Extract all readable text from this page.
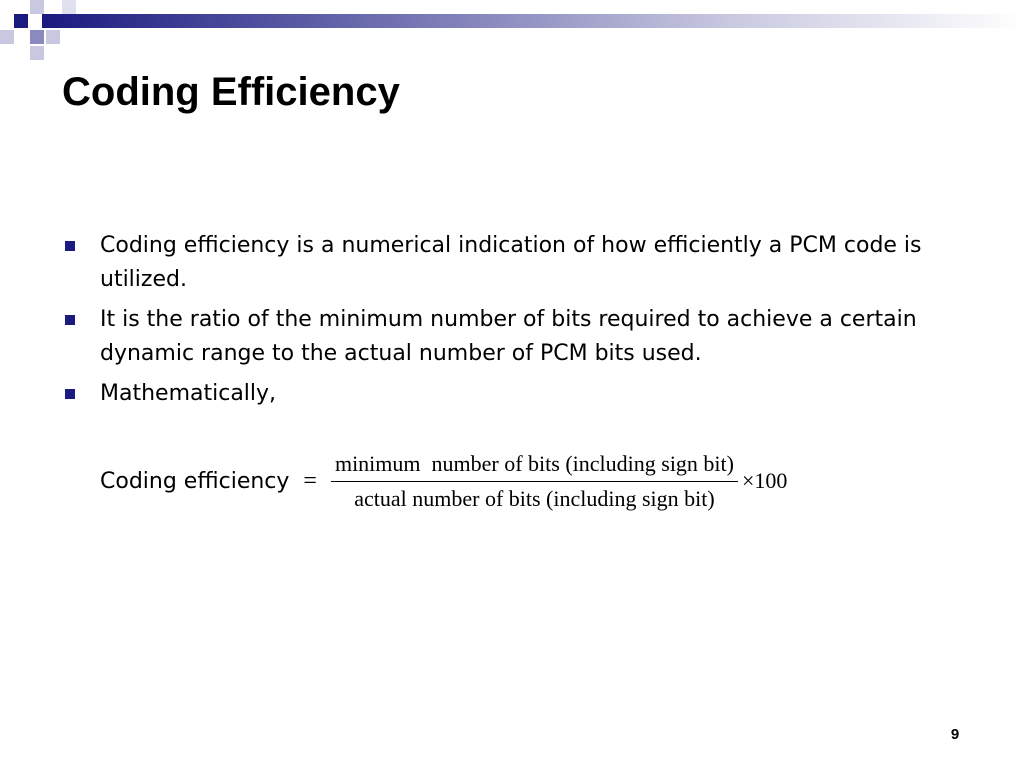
Coding Efficiency
Coding efficiency is a numerical indication of how efficiently a PCM code is utilized.
It is the ratio of the minimum number of bits required to achieve a certain dynamic range to the actual number of PCM bits used.
Mathematically,
Coding efficiency =
minimum  number of bits (including sign bit)
actual number of bits (including sign bit)
×100
9
